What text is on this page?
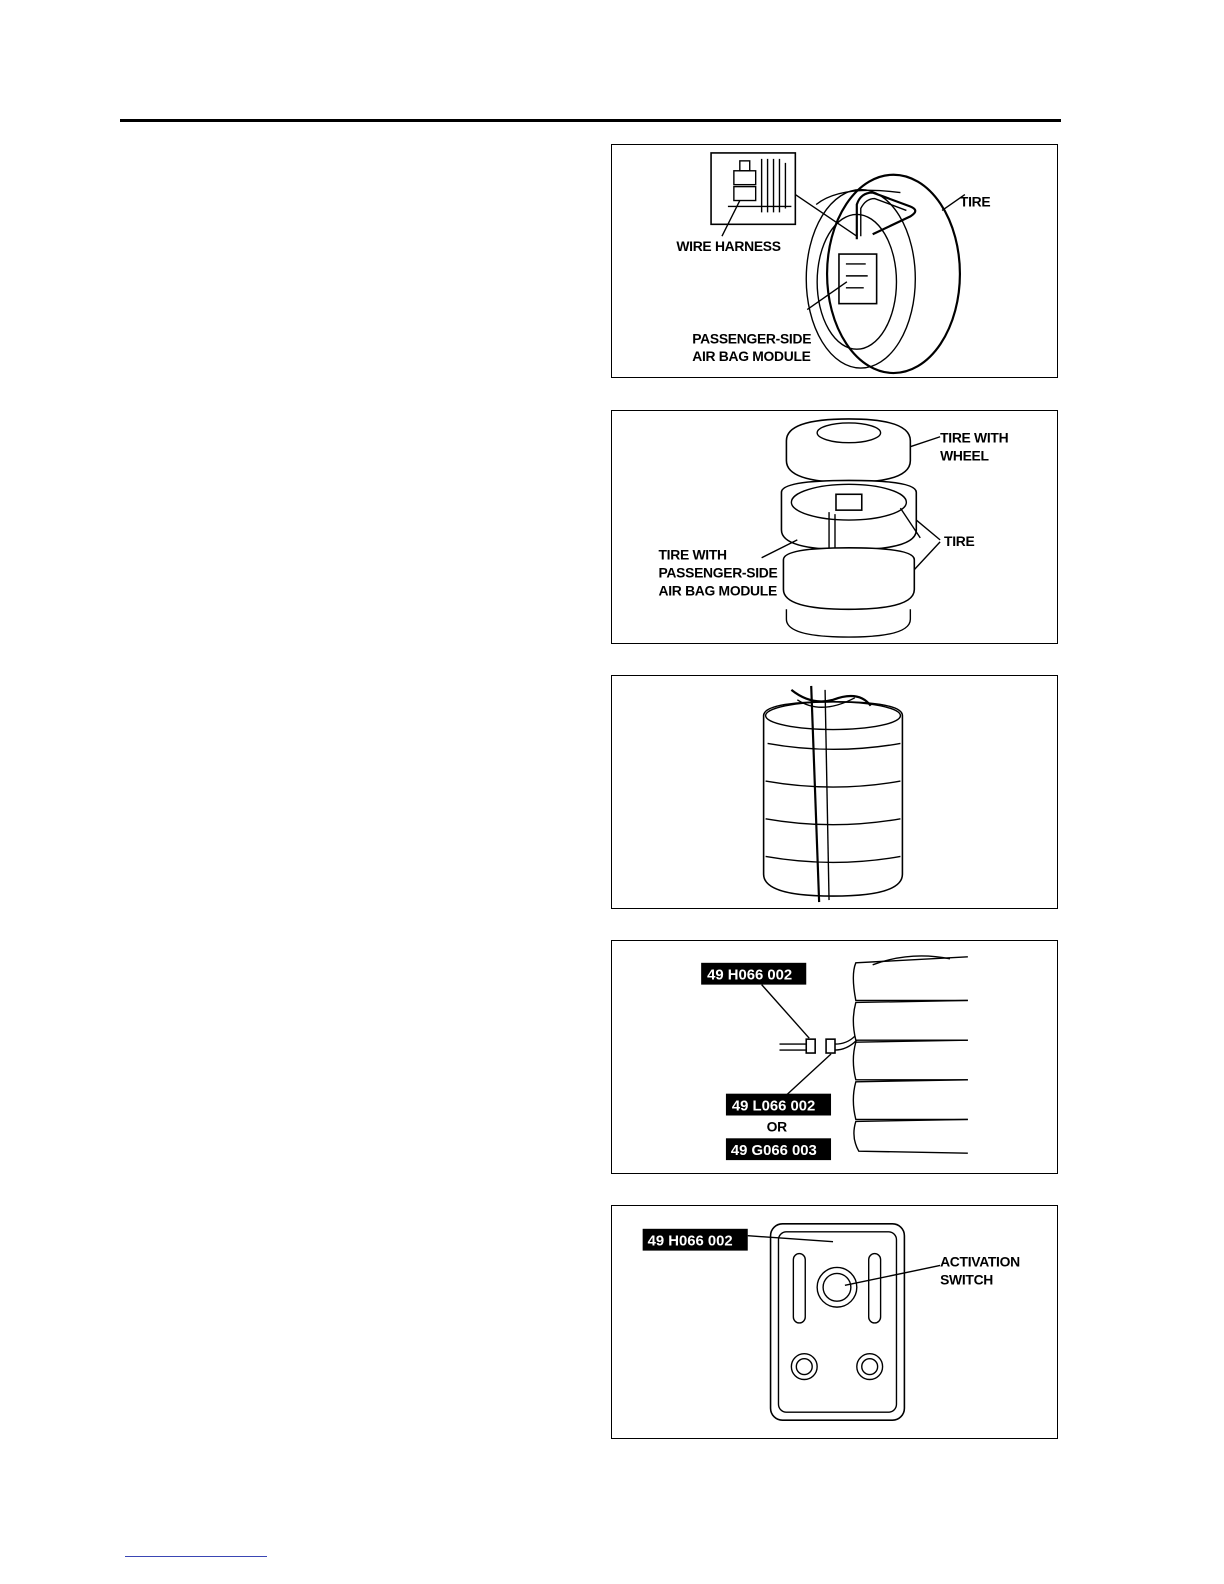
WIRE HARNESS
TIRE
PASSENGER-SIDE
AIR BAG MODULE
TIRE WITH
WHEEL
TIRE
TIRE WITH
PASSENGER-SIDE
AIR BAG MODULE
49 H066 002
49 L066 002
OR
49 G066 003
49 H066 002
ACTIVATION
SWITCH
